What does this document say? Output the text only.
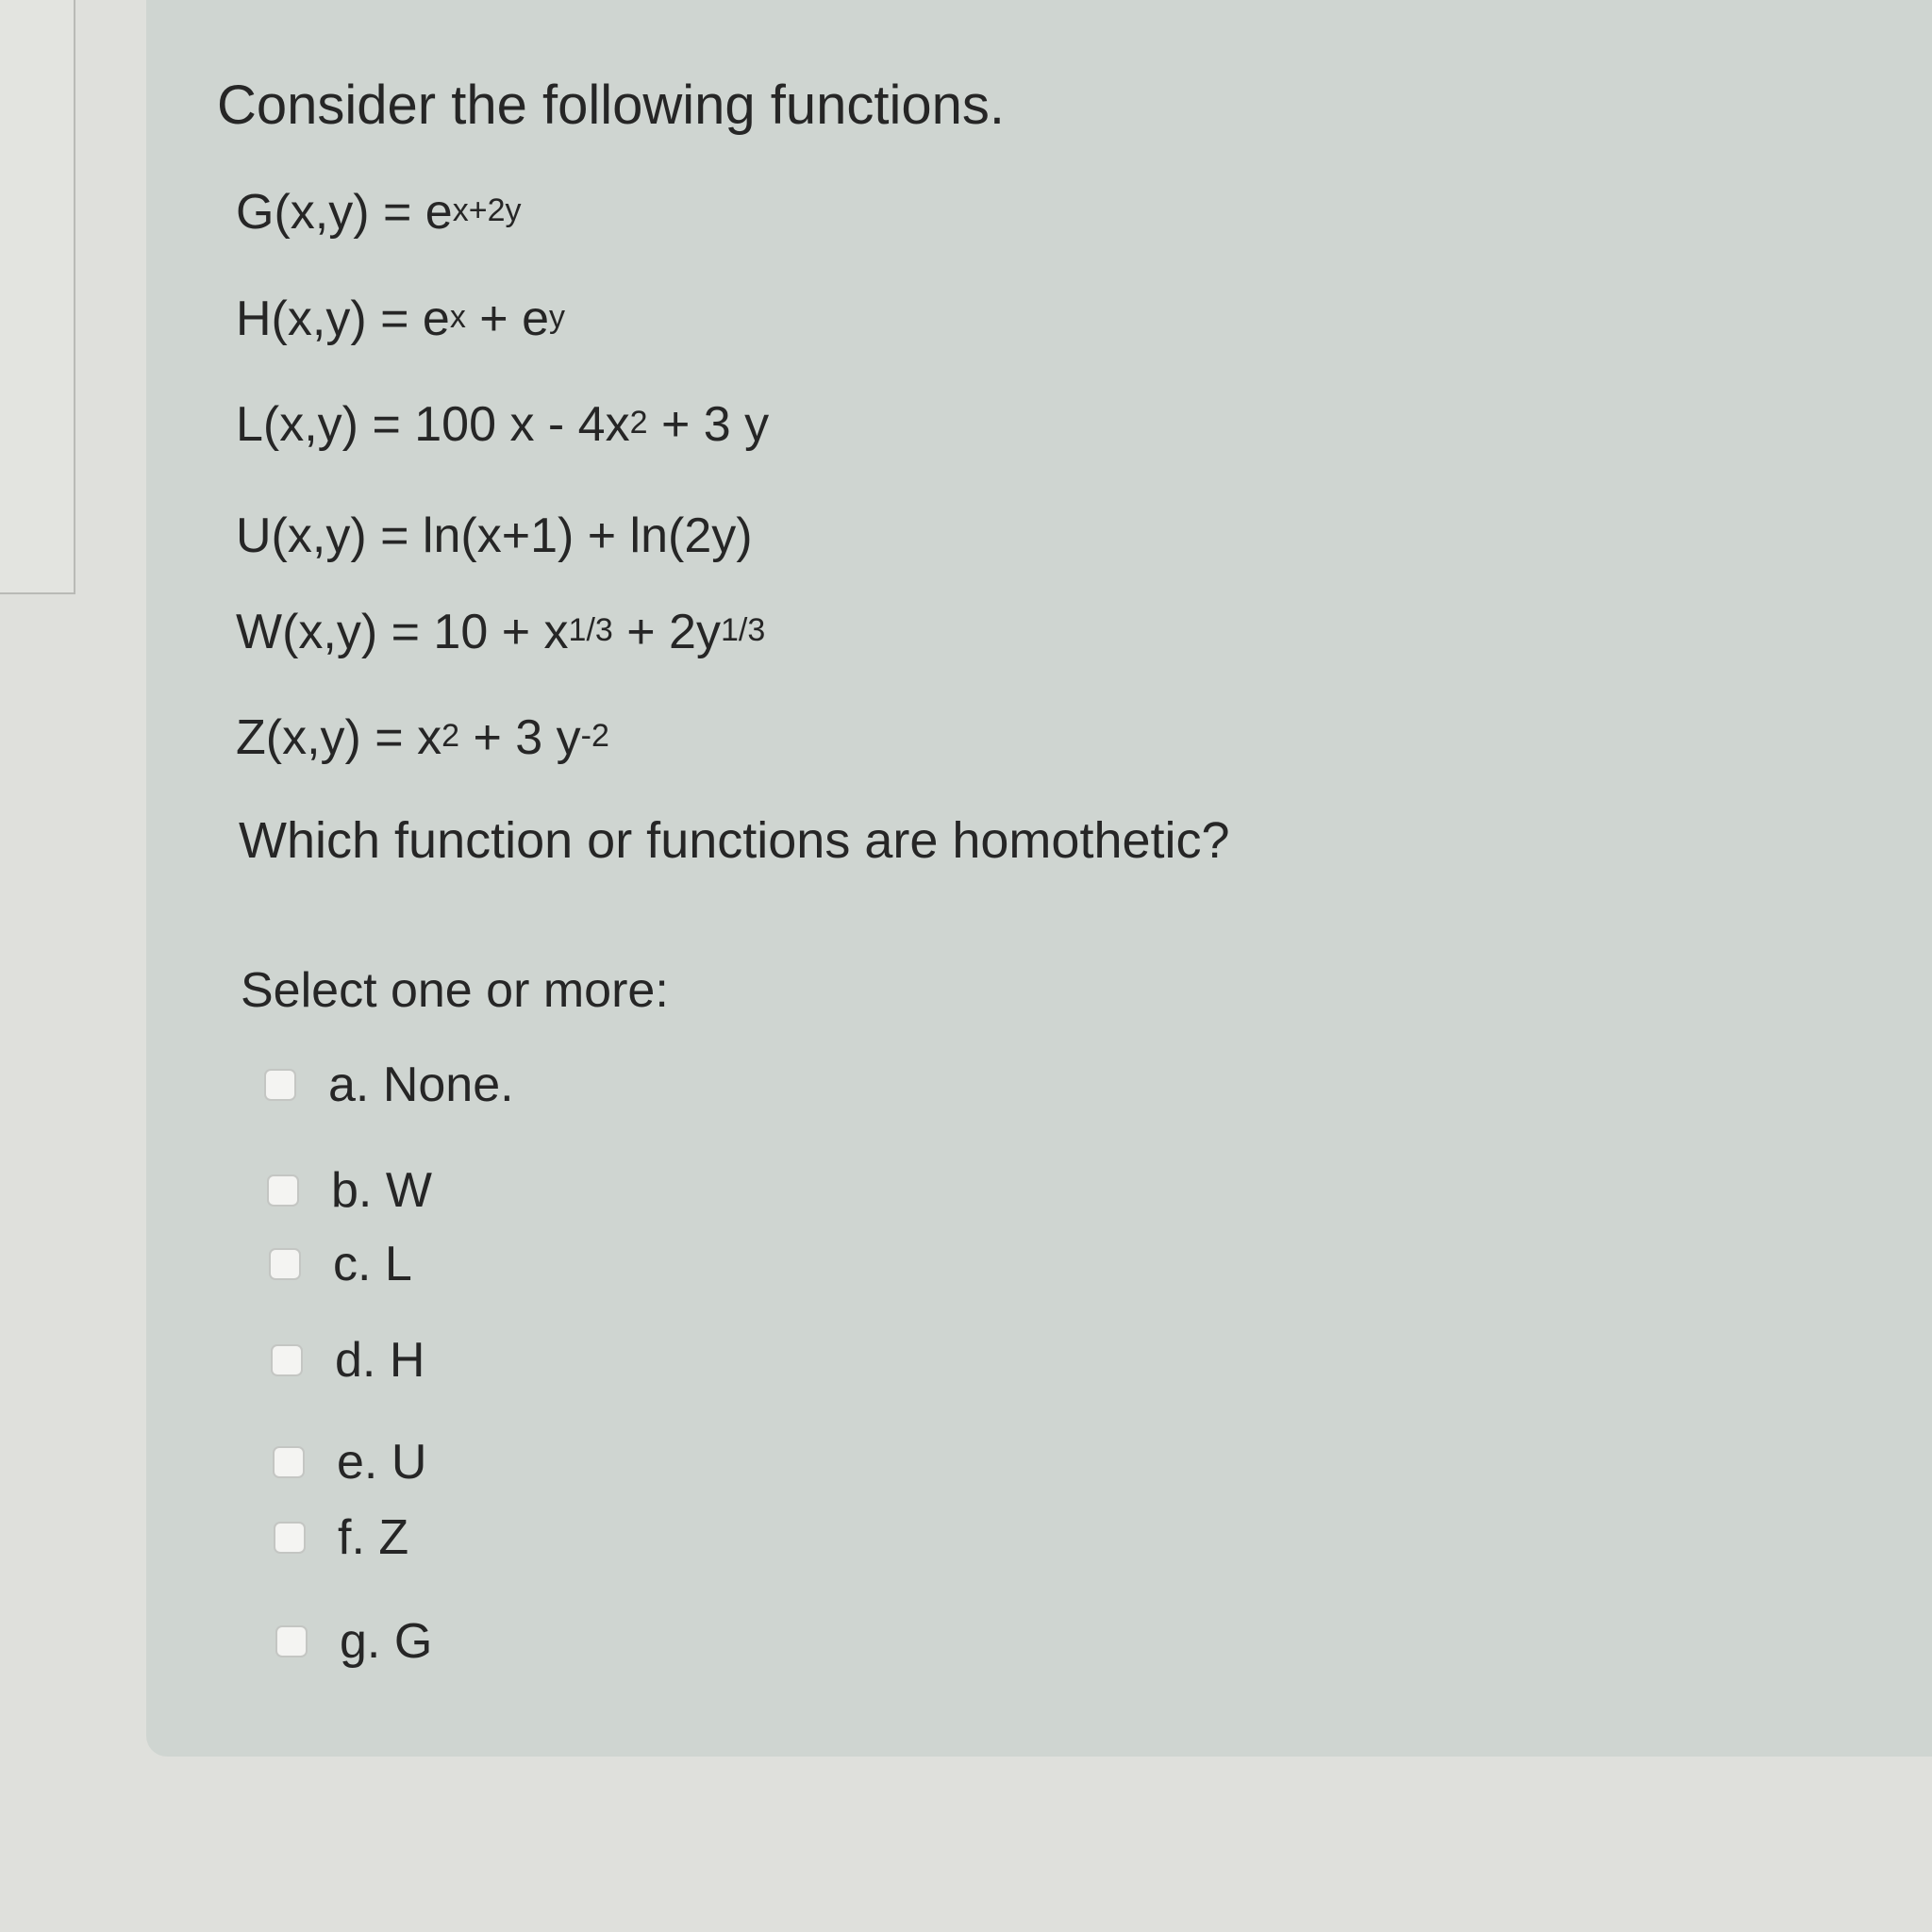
Consider the following functions.
$G(x,y) = e^{x+2y}$
$H(x,y) = e^x + e^y$
L(x,y) = 100 $x - 4x^2 + 3$ y
U(x,y) = ln(x+1) + ln(2y)
$W(x,y) = 10 + x^{1/3} + 2y^{1/3}$
$Z(x,y) = x^2 + 3$ $y^{-2}$
Which function or functions are homothetic?
Select one or more:
a. None.
b. W
c. L
d. H
e. U
f. Z
g. G
